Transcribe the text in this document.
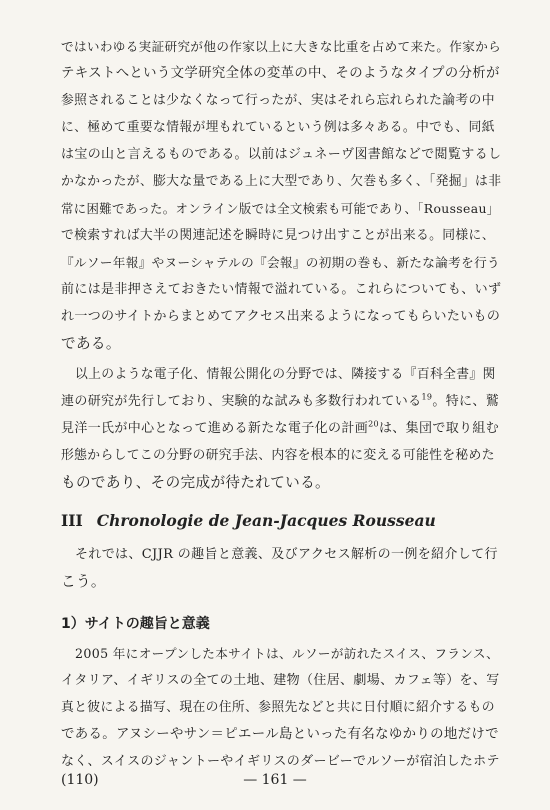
ではいわゆる実証研究が他の作家以上に大きな比重を占めて来た。作家から
テキストへという文学研究全体の変革の中、そのようなタイプの分析が
参照されることは少なくなって行ったが、実はそれら忘れられた論考の中
に、極めて重要な情報が埋もれているという例は多々ある。中でも、同紙
は宝の山と言えるものである。以前はジュネーヴ図書館などで閲覧するし
かなかったが、膨大な量である上に大型であり、欠巻も多く、「発掘」は非
常に困難であった。オンライン版では全文検索も可能であり、「Rousseau」
で検索すれば大半の関連記述を瞬時に見つけ出すことが出来る。同様に、
『ルソー年報』やヌーシャテルの『会報』の初期の巻も、新たな論考を行う
前には是非押さえておきたい情報で溢れている。これらについても、いず
れ一つのサイトからまとめてアクセス出来るようになってもらいたいもの
である。
以上のような電子化、情報公開化の分野では、隣接する『百科全書』関
連の研究が先行しており、実験的な試みも多数行われている$^{19}$。特に、鷲
見洋一氏が中心となって進める新たな電子化の計画$^{20}$は、集団で取り組む
形態からしてこの分野の研究手法、内容を根本的に変える可能性を秘めた
ものであり、その完成が待たれている。
III Chronologie de Jean-Jacques Rousseau
それでは、CJJR の趣旨と意義、及びアクセス解析の一例を紹介して行
こう。
1）サイトの趣旨と意義
2005 年にオープンした本サイトは、ルソーが訪れたスイス、フランス、
イタリア、イギリスの全ての土地、建物（住居、劇場、カフェ等）を、写
真と彼による描写、現在の住所、参照先などと共に日付順に紹介するもの
である。アヌシーやサン＝ピエール島といった有名なゆかりの地だけで
なく、スイスのジャントーやイギリスのダービーでルソーが宿泊したホテ
— 161 —
(110)
